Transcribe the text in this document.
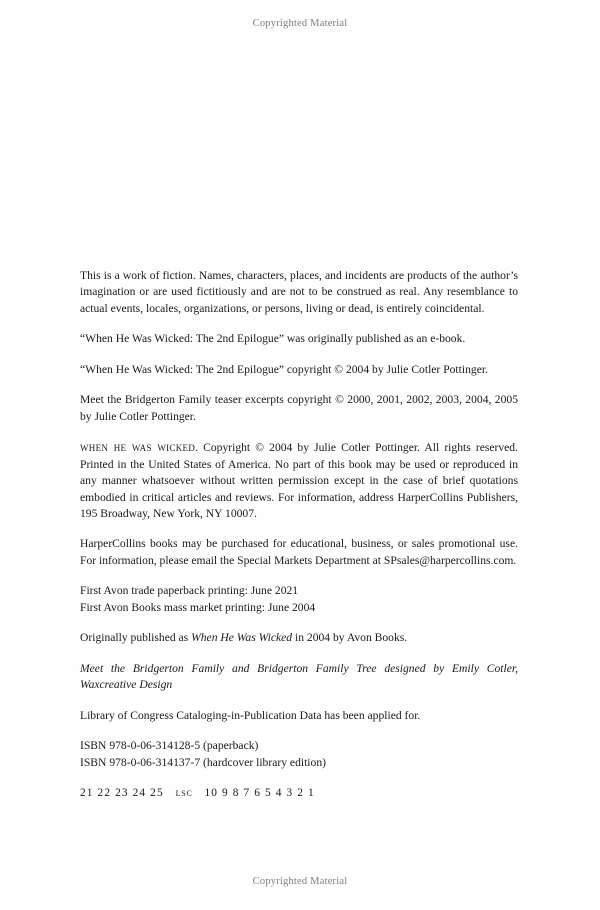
Copyrighted Material

This is a work of fiction. Names, characters, places, and incidents are products of the author’s imagination or are used fictitiously and are not to be construed as real. Any resemblance to actual events, locales, organizations, or persons, living or dead, is entirely coincidental.

“When He Was Wicked: The 2nd Epilogue” was originally published as an e-book.

“When He Was Wicked: The 2nd Epilogue” copyright © 2004 by Julie Cotler Pottinger.

Meet the Bridgerton Family teaser excerpts copyright © 2000, 2001, 2002, 2003, 2004, 2005 by Julie Cotler Pottinger.

when he was wicked. Copyright © 2004 by Julie Cotler Pottinger. All rights reserved. Printed in the United States of America. No part of this book may be used or reproduced in any manner whatsoever without written permission except in the case of brief quotations embodied in critical articles and reviews. For information, address HarperCollins Publishers, 195 Broadway, New York, NY 10007.

HarperCollins books may be purchased for educational, business, or sales promotional use. For information, please email the Special Markets Department at SPsales@harpercollins.com.

First Avon trade paperback printing: June 2021

First Avon Books mass market printing: June 2004

Originally published as When He Was Wicked in 2004 by Avon Books.

Meet the Bridgerton Family and Bridgerton Family Tree designed by Emily Cotler, Waxcreative Design

Library of Congress Cataloging-in-Publication Data has been applied for.

ISBN 978-0-06-314128-5 (paperback)

ISBN 978-0-06-314137-7 (hardcover library edition)

21 22 23 24 25 lsc 10 9 8 7 6 5 4 3 2 1

Copyrighted Material
